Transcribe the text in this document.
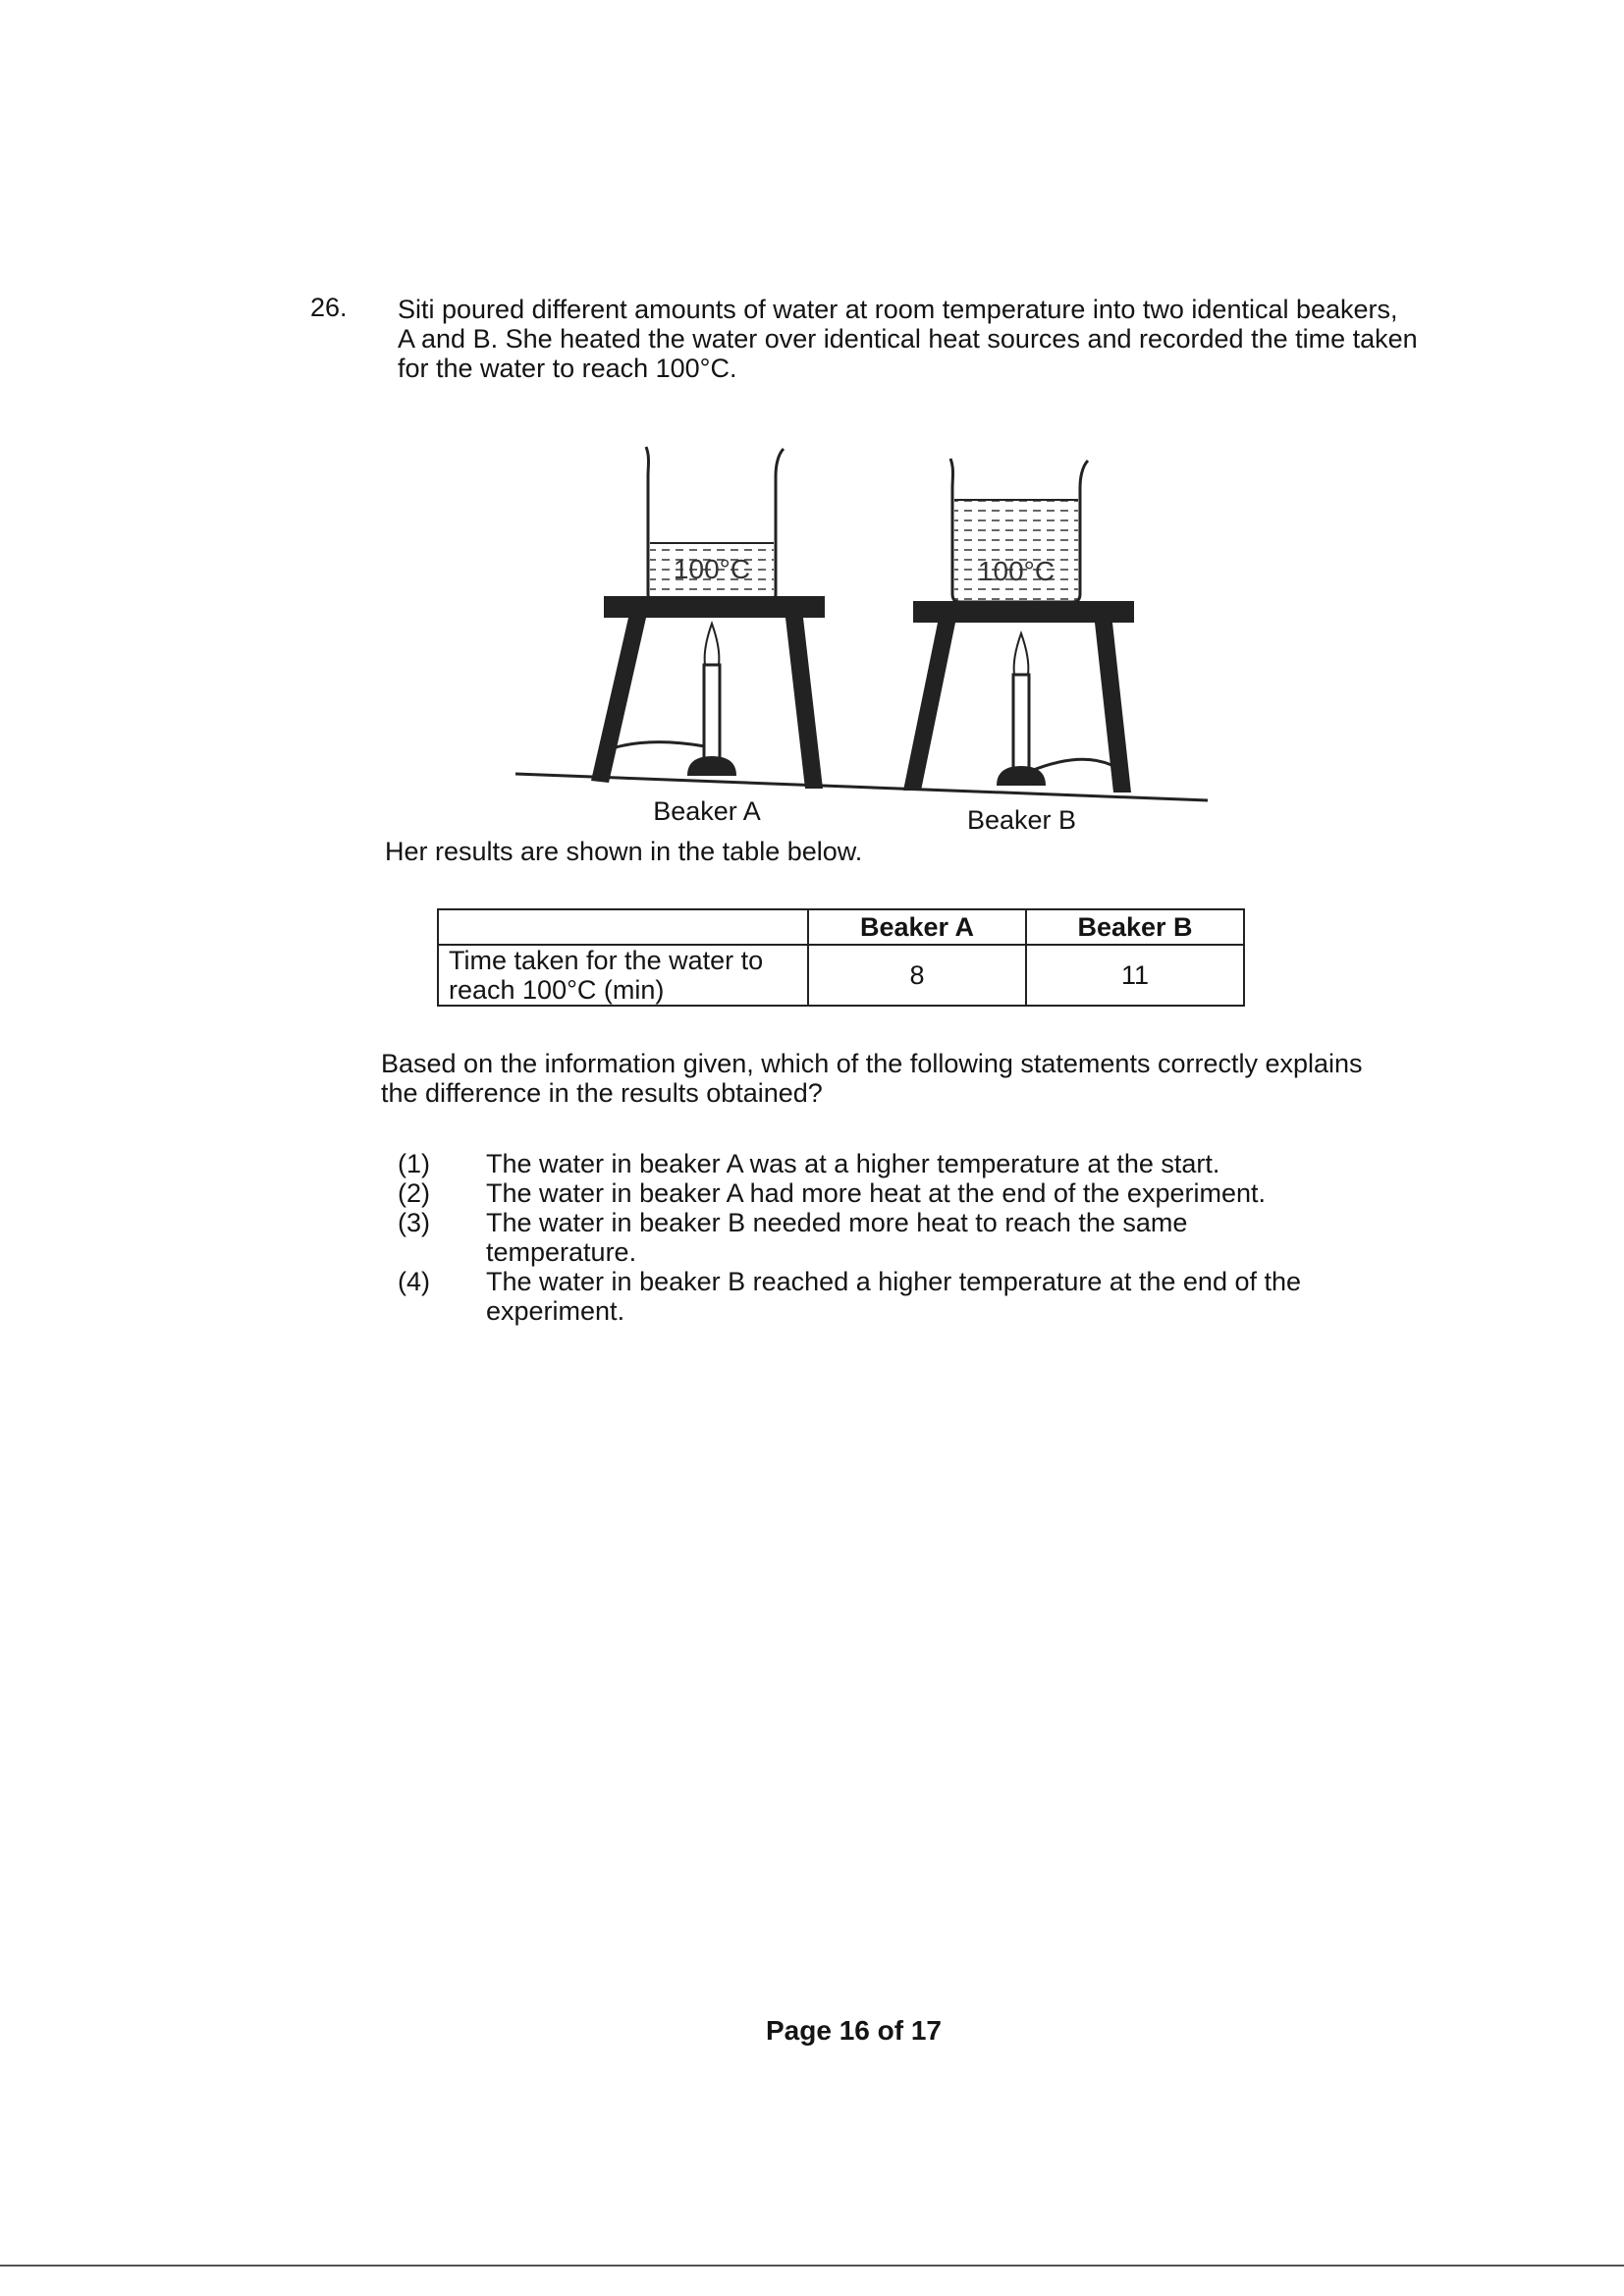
26. Siti poured different amounts of water at room temperature into two identical beakers,

A and B. She heated the water over identical heat sources and recorded the time taken

for the water to reach 100°C.

100°C	100°C
Beaker A	Beaker B
Her results are shown in the table below.
	Beaker A	Beaker B
Time taken for the water to
reach 100°C (min)	8	11

Based on the information given, which of the following statements correctly explains

the difference in the results obtained?

(1)	The water in beaker A was at a higher temperature at the start.
(2)	The water in beaker A had more heat at the end of the experiment.
(3)	The water in beaker B needed more heat to reach the same temperature.
(4)	The water in beaker B reached a higher temperature at the end of the experiment.
Page 16 of 17
